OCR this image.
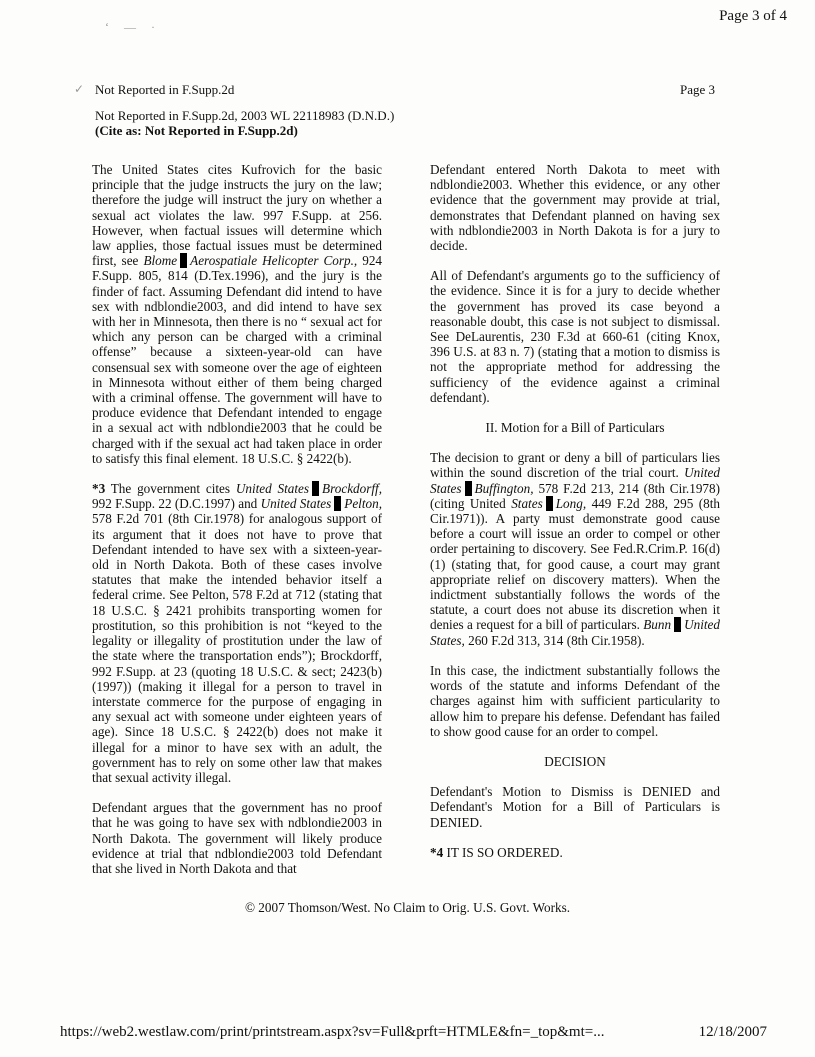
Page 3 of 4
ʻ — ·
✓ Not Reported in F.Supp.2d	Page 3
Not Reported in F.Supp.2d, 2003 WL 22118983 (D.N.D.)
(Cite as: Not Reported in F.Supp.2d)

The United States cites Kufrovich for the basic principle that the judge instructs the jury on the law; therefore the judge will instruct the jury on whether a sexual act violates the law. 997 F.Supp. at 256. However, when factual issues will determine which law applies, those factual issues must be determined first, see Blome Aerospatiale Helicopter Corp., 924 F.Supp. 805, 814 (D.Tex.1996), and the jury is the finder of fact. Assuming Defendant did intend to have sex with ndblondie2003, and did intend to have sex with her in Minnesota, then there is no “ sexual act for which any person can be charged with a criminal offense” because a sixteen-year-old can have consensual sex with someone over the age of eighteen in Minnesota without either of them being charged with a criminal offense. The government will have to produce evidence that Defendant intended to engage in a sexual act with ndblondie2003 that he could be charged with if the sexual act had taken place in order to satisfy this final element. 18 U.S.C. § 2422(b).

*3 The government cites United States Brockdorff, 992 F.Supp. 22 (D.C.1997) and United States Pelton, 578 F.2d 701 (8th Cir.1978) for analogous support of its argument that it does not have to prove that Defendant intended to have sex with a sixteen-year-old in North Dakota. Both of these cases involve statutes that make the intended behavior itself a federal crime. See Pelton, 578 F.2d at 712 (stating that 18 U.S.C. § 2421 prohibits transporting women for prostitution, so this prohibition is not “keyed to the legality or illegality of prostitution under the law of the state where the transportation ends”); Brockdorff, 992 F.Supp. at 23 (quoting 18 U.S.C. & sect; 2423(b)(1997)) (making it illegal for a person to travel in interstate commerce for the purpose of engaging in any sexual act with someone under eighteen years of age). Since 18 U.S.C. § 2422(b) does not make it illegal for a minor to have sex with an adult, the government has to rely on some other law that makes that sexual activity illegal.

Defendant argues that the government has no proof that he was going to have sex with ndblondie2003 in North Dakota. The government will likely produce evidence at trial that ndblondie2003 told Defendant that she lived in North Dakota and that

Defendant entered North Dakota to meet with ndblondie2003. Whether this evidence, or any other evidence that the government may provide at trial, demonstrates that Defendant planned on having sex with ndblondie2003 in North Dakota is for a jury to decide.

All of Defendant's arguments go to the sufficiency of the evidence. Since it is for a jury to decide whether the government has proved its case beyond a reasonable doubt, this case is not subject to dismissal. See DeLaurentis, 230 F.3d at 660-61 (citing Knox, 396 U.S. at 83 n. 7) (stating that a motion to dismiss is not the appropriate method for addressing the sufficiency of the evidence against a criminal defendant).

II. Motion for a Bill of Particulars

The decision to grant or deny a bill of particulars lies within the sound discretion of the trial court. United States Buffington, 578 F.2d 213, 214 (8th Cir.1978) (citing United States Long, 449 F.2d 288, 295 (8th Cir.1971)). A party must demonstrate good cause before a court will issue an order to compel or other order pertaining to discovery. See Fed.R.Crim.P. 16(d)(1) (stating that, for good cause, a court may grant appropriate relief on discovery matters). When the indictment substantially follows the words of the statute, a court does not abuse its discretion when it denies a request for a bill of particulars. Bunn United States, 260 F.2d 313, 314 (8th Cir.1958).

In this case, the indictment substantially follows the words of the statute and informs Defendant of the charges against him with sufficient particularity to allow him to prepare his defense. Defendant has failed to show good cause for an order to compel.

DECISION

Defendant's Motion to Dismiss is DENIED and Defendant's Motion for a Bill of Particulars is DENIED.

*4 IT IS SO ORDERED.

© 2007 Thomson/West. No Claim to Orig. U.S. Govt. Works.
https://web2.westlaw.com/print/printstream.aspx?sv=Full&prft=HTMLE&fn=_top&mt=...	12/18/2007
